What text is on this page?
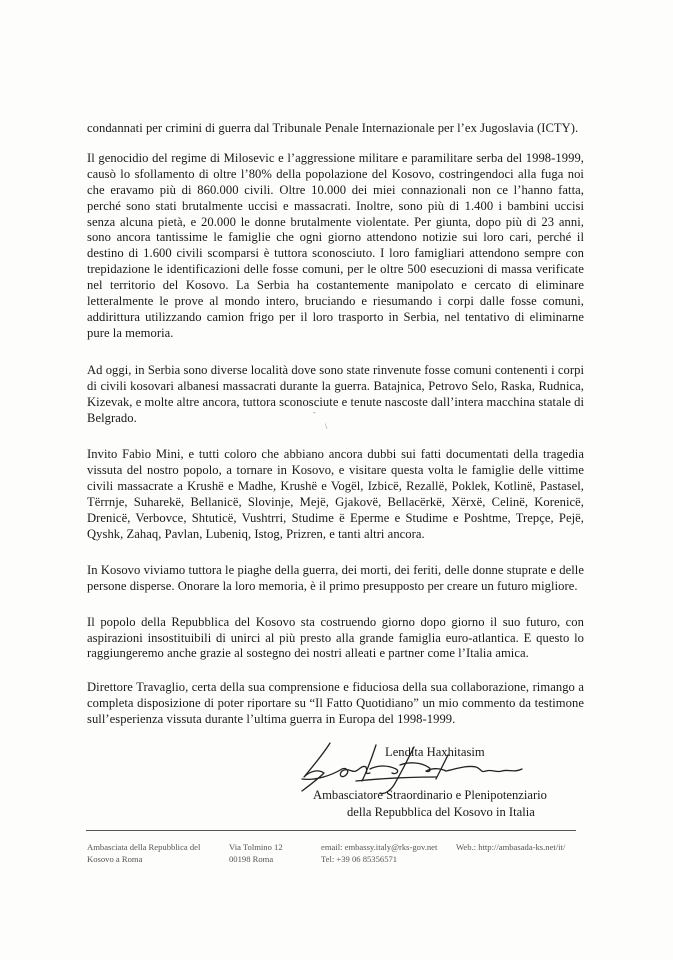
condannati per crimini di guerra dal Tribunale Penale Internazionale per l’ex Jugoslavia (ICTY).

Il genocidio del regime di Milosevic e l’aggressione militare e paramilitare serba del 1998-1999, causò lo sfollamento di oltre l’80% della popolazione del Kosovo, costringendoci alla fuga noi che eravamo più di 860.000 civili. Oltre 10.000 dei miei connazionali non ce l’hanno fatta, perché sono stati brutalmente uccisi e massacrati. Inoltre, sono più di 1.400 i bambini uccisi senza alcuna pietà, e 20.000 le donne brutalmente violentate. Per giunta, dopo più di 23 anni, sono ancora tantissime le famiglie che ogni giorno attendono notizie sui loro cari, perché il destino di 1.600 civili scomparsi è tuttora sconosciuto. I loro famigliari attendono sempre con trepidazione le identificazioni delle fosse comuni, per le oltre 500 esecuzioni di massa verificate nel territorio del Kosovo. La Serbia ha costantemente manipolato e cercato di eliminare letteralmente le prove al mondo intero, bruciando e riesumando i corpi dalle fosse comuni, addirittura utilizzando camion frigo per il loro trasporto in Serbia, nel tentativo di eliminarne pure la memoria.

Ad oggi, in Serbia sono diverse località dove sono state rinvenute fosse comuni contenenti i corpi di civili kosovari albanesi massacrati durante la guerra. Batajnica, Petrovo Selo, Raska, Rudnica, Kizevak, e molte altre ancora, tuttora sconosciute e tenute nascoste dall’intera macchina statale di Belgrado.

Invito Fabio Mini, e tutti coloro che abbiano ancora dubbi sui fatti documentati della tragedia vissuta del nostro popolo, a tornare in Kosovo, e visitare questa volta le famiglie delle vittime civili massacrate a Krushë e Madhe, Krushë e Vogël, Izbicë, Rezallë, Poklek, Kotlinë, Pastasel, Tërrnje, Suharekë, Bellanicë, Slovinje, Mejë, Gjakovë, Bellacërkë, Xërxë, Celinë, Korenicë, Drenicë, Verbovce, Shtuticë, Vushtrri, Studime ë Eperme e Studime e Poshtme, Trepçe, Pejë, Qyshk, Zahaq, Pavlan, Lubeniq, Istog, Prizren, e tanti altri ancora.

In Kosovo viviamo tuttora le piaghe della guerra, dei morti, dei feriti, delle donne stuprate e delle persone disperse. Onorare la loro memoria, è il primo presupposto per creare un futuro migliore.

Il popolo della Repubblica del Kosovo sta costruendo giorno dopo giorno il suo futuro, con aspirazioni insostituibili di unirci al più presto alla grande famiglia euro-atlantica. E questo lo raggiungeremo anche grazie al sostegno dei nostri alleati e partner come l’Italia amica.

Direttore Travaglio, certa della sua comprensione e fiduciosa della sua collaborazione, rimango a completa disposizione di poter riportare su “Il Fatto Quotidiano” un mio commento da testimone sull’esperienza vissuta durante l’ultima guerra in Europa del 1998-1999.

-
\
Lendita Haxhitasim
Ambasciatore Straordinario e Plenipotenziario
della Repubblica del Kosovo in Italia
Ambasciata della Repubblica del
Kosovo a Roma
Via Tolmino 12
00198 Roma
email: embassy.italy@rks-gov.net
Tel: +39 06 85356571
Web.: http://ambasada-ks.net/it/
